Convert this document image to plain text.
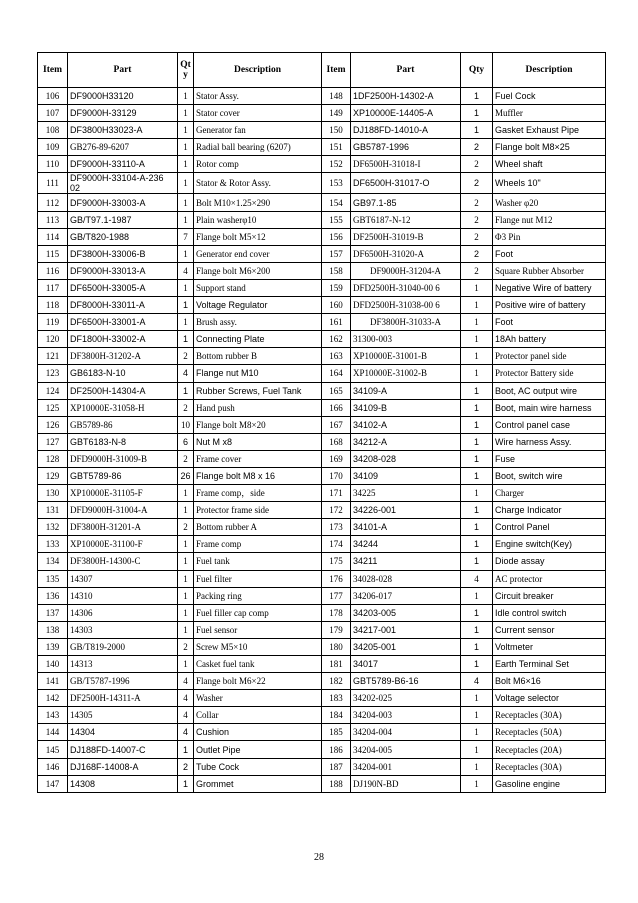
Item	Part	Qty	Description	Item	Part	Qty	Description
106	DF9000H33120	1	Stator Assy.	148	1DF2500H-14302-A	1	Fuel Cock
107	DF9000H-33129	1	Stator cover	149	XP10000E-14405-A	1	Muffler
108	DF3800H33023-A	1	Generator fan	150	DJ188FD-14010-A	1	Gasket Exhaust Pipe
109	GB276-89-6207	1	Radial ball bearing (6207)	151	GB5787-1996	2	Flange bolt M8×25
110	DF9000H-33110-A	1	Rotor comp	152	DF6500H-31018-I	2	Wheel shaft
111	DF9000H-33104-A-236 02	1	Stator & Rotor Assy.	153	DF6500H-31017-O	2	Wheels 10"
112	DF9000H-33003-A	1	Bolt M10×1.25×290	154	GB97.1-85	2	Washer φ20
113	GB/T97.1-1987	1	Plain washerφ10	155	GBT6187-N-12	2	Flange nut M12
114	GB/T820-1988	7	Flange bolt M5×12	156	DF2500H-31019-B	2	Φ3 Pin
115	DF3800H-33006-B	1	Generator end cover	157	DF6500H-31020-A	2	Foot
116	DF9000H-33013-A	4	Flange bolt M6×200	158	DF9000H-31204-A	2	Square Rubber Absorber
117	DF6500H-33005-A	1	Support stand	159	DFD2500H-31040-00 6	1	Negative Wire of battery
118	DF8000H-33011-A	1	Voltage Regulator	160	DFD2500H-31038-00 6	1	Positive wire of battery
119	DF6500H-33001-A	1	Brush assy.	161	DF3800H-31033-A	1	Foot
120	DF1800H-33002-A	1	Connecting Plate	162	31300-003	1	18Ah battery
121	DF3800H-31202-A	2	Bottom rubber B	163	XP10000E-31001-B	1	Protector panel side
123	GB6183-N-10	4	Flange nut M10	164	XP10000E-31002-B	1	Protector Battery side
124	DF2500H-14304-A	1	Rubber Screws, Fuel Tank	165	34109-A	1	Boot, AC output wire
125	XP10000E-31058-H	2	Hand push	166	34109-B	1	Boot, main wire harness
126	GB5789-86	10	Flange bolt M8×20	167	34102-A	1	Control panel case
127	GBT6183-N-8	6	Nut M x8	168	34212-A	1	Wire harness Assy.
128	DFD9000H-31009-B	2	Frame cover	169	34208-028	1	Fuse
129	GBT5789-86	26	Flange bolt M8 x 16	170	34109	1	Boot, switch wire
130	XP10000E-31105-F	1	Frame comp，side	171	34225	1	Charger
131	DFD9000H-31004-A	1	Protector frame side	172	34226-001	1	Charge Indicator
132	DF3800H-31201-A	2	Bottom rubber A	173	34101-A	1	Control Panel
133	XP10000E-31100-F	1	Frame comp	174	34244	1	Engine switch(Key)
134	DF3800H-14300-C	1	Fuel tank	175	34211	1	Diode assay
135	14307	1	Fuel filter	176	34028-028	4	AC protector
136	14310	1	Packing ring	177	34206-017	1	Circuit breaker
137	14306	1	Fuel filler cap comp	178	34203-005	1	Idle control switch
138	14303	1	Fuel sensor	179	34217-001	1	Current sensor
139	GB/T819-2000	2	Screw M5×10	180	34205-001	1	Voltmeter
140	14313	1	Casket fuel tank	181	34017	1	Earth Terminal Set
141	GB/T5787-1996	4	Flange bolt M6×22	182	GBT5789-B6-16	4	Bolt M6×16
142	DF2500H-14311-A	4	Washer	183	34202-025	1	Voltage selector
143	14305	4	Collar	184	34204-003	1	Receptacles (30A)
144	14304	4	Cushion	185	34204-004	1	Receptacles (50A)
145	DJ188FD-14007-C	1	Outlet Pipe	186	34204-005	1	Receptacles (20A)
146	DJ168F-14008-A	2	Tube Cock	187	34204-001	1	Receptacles (30A)
147	14308	1	Grommet	188	DJ190N-BD	1	Gasoline engine
28
